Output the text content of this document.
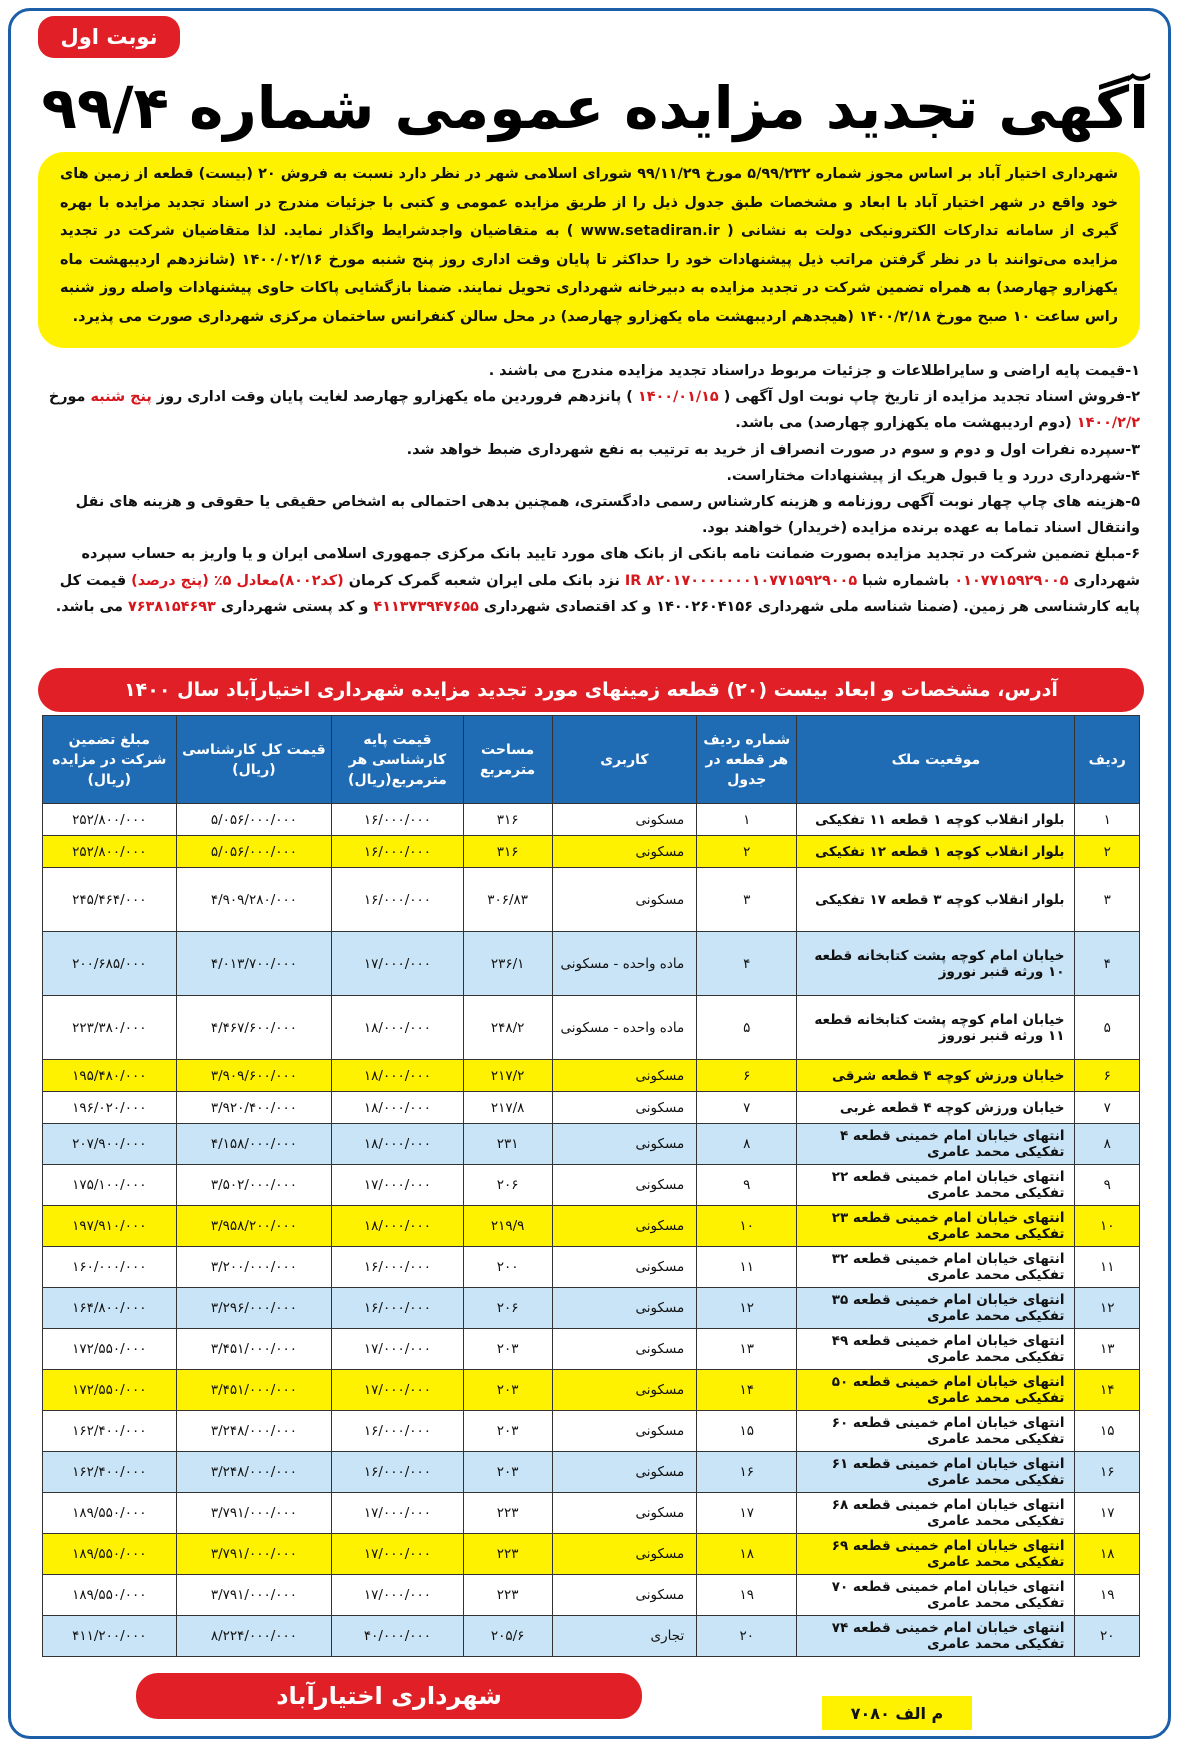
نوبت اول
آگهی تجدید مزایده عمومی شماره ۹۹/۴
شهرداری اختیار آباد بر اساس مجوز شماره ۵/۹۹/۲۳۲ مورخ ۹۹/۱۱/۲۹ شورای اسلامی شهر در نظر دارد نسبت به فروش ۲۰ (بیست) قطعه از زمین های خود واقع در شهر اختیار آباد با ابعاد و مشخصات طبق جدول ذیل را از طریق مزایده عمومی و کتبی با جزئیات مندرج در اسناد تجدید مزایده با بهره گیری از سامانه تدارکات الکترونیکی دولت به نشانی ( www.setadiran.ir ) به متقاضیان واجدشرایط واگذار نماید. لذا متقاضیان شرکت در تجدید مزایده می‌توانند با در نظر گرفتن مراتب ذیل پیشنهادات خود را حداکثر تا پایان وقت اداری روز پنج شنبه مورخ ۱۴۰۰/۰۲/۱۶ (شانزدهم اردیبهشت ماه یکهزارو چهارصد) به همراه تضمین شرکت در تجدید مزایده به دبیرخانه شهرداری تحویل نمایند. ضمنا بازگشایی پاکات حاوی پیشنهادات واصله روز شنبه راس ساعت ۱۰ صبح مورخ ۱۴۰۰/۲/۱۸ (هیجدهم اردیبهشت ماه یکهزارو چهارصد) در محل سالن کنفرانس ساختمان مرکزی شهرداری صورت می پذیرد.

۱-قیمت پایه اراضی و سایراطلاعات و جزئیات مربوط دراسناد تجدید مزایده مندرج می باشند .

۲-فروش اسناد تجدید مزایده از تاریخ چاپ نوبت اول آگهی ( ۱۴۰۰/۰۱/۱۵ ) پانزدهم فروردین ماه یکهزارو چهارصد لغایت پایان وقت اداری روز پنج شنبه مورخ ۱۴۰۰/۲/۲ (دوم اردیبهشت ماه یکهزارو چهارصد) می باشد.

۳-سپرده نفرات اول و دوم و سوم در صورت انصراف از خرید به ترتیب به نفع شهرداری ضبط خواهد شد.

۴-شهرداری دررد و یا قبول هریک از پیشنهادات مختاراست.

۵-هزینه های چاپ چهار نوبت آگهی روزنامه و هزینه کارشناس رسمی دادگستری، همچنین بدهی احتمالی به اشخاص حقیقی یا حقوقی و هزینه های نقل وانتقال اسناد تماما به عهده برنده مزایده (خریدار) خواهند بود.

۶-مبلغ تضمین شرکت در تجدید مزایده بصورت ضمانت نامه بانکی از بانک های مورد تایید بانک مرکزی جمهوری اسلامی ایران و یا واریز به حساب سپرده شهرداری ۰۱۰۷۷۱۵۹۲۹۰۰۵ باشماره شبا IR ۸۲۰۱۷۰۰۰۰۰۰۰۱۰۷۷۱۵۹۲۹۰۰۵ نزد بانک ملی ایران شعبه گمرک کرمان (کد۸۰۰۲)معادل ۵٪ (پنج درصد) قیمت کل پایه کارشناسی هر زمین. (ضمنا شناسه ملی شهرداری ۱۴۰۰۲۶۰۴۱۵۶ و کد اقتصادی شهرداری ۴۱۱۳۷۳۹۴۷۶۵۵ و کد پستی شهرداری ۷۶۳۸۱۵۴۶۹۳ می باشد.

آدرس، مشخصات و ابعاد بیست (۲۰) قطعه زمینهای مورد تجدید مزایده شهرداری اختیارآباد سال ۱۴۰۰
ردیف	موقعیت ملک	شماره ردیف هر قطعه در جدول	کاربری	مساحت مترمربع	قیمت پایه کارشناسی هر مترمربع(ریال)	قیمت کل کارشناسی (ریال)	مبلغ تضمین شرکت در مزایده (ریال)
۱	بلوار انقلاب کوچه ۱ قطعه ۱۱ تفکیکی	۱	مسکونی	۳۱۶	۱۶/۰۰۰/۰۰۰	۵/۰۵۶/۰۰۰/۰۰۰	۲۵۲/۸۰۰/۰۰۰
۲	بلوار انقلاب کوچه ۱ قطعه ۱۲ تفکیکی	۲	مسکونی	۳۱۶	۱۶/۰۰۰/۰۰۰	۵/۰۵۶/۰۰۰/۰۰۰	۲۵۲/۸۰۰/۰۰۰
۳	بلوار انقلاب کوچه ۳ قطعه ۱۷ تفکیکی	۳	مسکونی	۳۰۶/۸۳	۱۶/۰۰۰/۰۰۰	۴/۹۰۹/۲۸۰/۰۰۰	۲۴۵/۴۶۴/۰۰۰
۴	خیابان امام کوچه پشت کتابخانه قطعه ۱۰ ورثه قنبر نوروز	۴	ماده واحده - مسکونی	۲۳۶/۱	۱۷/۰۰۰/۰۰۰	۴/۰۱۳/۷۰۰/۰۰۰	۲۰۰/۶۸۵/۰۰۰
۵	خیابان امام کوچه پشت کتابخانه قطعه ۱۱ ورثه قنبر نوروز	۵	ماده واحده - مسکونی	۲۴۸/۲	۱۸/۰۰۰/۰۰۰	۴/۴۶۷/۶۰۰/۰۰۰	۲۲۳/۳۸۰/۰۰۰
۶	خیابان ورزش کوچه ۴ قطعه شرقی	۶	مسکونی	۲۱۷/۲	۱۸/۰۰۰/۰۰۰	۳/۹۰۹/۶۰۰/۰۰۰	۱۹۵/۴۸۰/۰۰۰
۷	خیابان ورزش کوچه ۴ قطعه غربی	۷	مسکونی	۲۱۷/۸	۱۸/۰۰۰/۰۰۰	۳/۹۲۰/۴۰۰/۰۰۰	۱۹۶/۰۲۰/۰۰۰
۸	انتهای خیابان امام خمینی قطعه ۴ تفکیکی محمد عامری	۸	مسکونی	۲۳۱	۱۸/۰۰۰/۰۰۰	۴/۱۵۸/۰۰۰/۰۰۰	۲۰۷/۹۰۰/۰۰۰
۹	انتهای خیابان امام خمینی قطعه ۲۲ تفکیکی محمد عامری	۹	مسکونی	۲۰۶	۱۷/۰۰۰/۰۰۰	۳/۵۰۲/۰۰۰/۰۰۰	۱۷۵/۱۰۰/۰۰۰
۱۰	انتهای خیابان امام خمینی قطعه ۲۳ تفکیکی محمد عامری	۱۰	مسکونی	۲۱۹/۹	۱۸/۰۰۰/۰۰۰	۳/۹۵۸/۲۰۰/۰۰۰	۱۹۷/۹۱۰/۰۰۰
۱۱	انتهای خیابان امام خمینی قطعه ۳۲ تفکیکی محمد عامری	۱۱	مسکونی	۲۰۰	۱۶/۰۰۰/۰۰۰	۳/۲۰۰/۰۰۰/۰۰۰	۱۶۰/۰۰۰/۰۰۰
۱۲	انتهای خیابان امام خمینی قطعه ۳۵ تفکیکی محمد عامری	۱۲	مسکونی	۲۰۶	۱۶/۰۰۰/۰۰۰	۳/۲۹۶/۰۰۰/۰۰۰	۱۶۴/۸۰۰/۰۰۰
۱۳	انتهای خیابان امام خمینی قطعه ۴۹ تفکیکی محمد عامری	۱۳	مسکونی	۲۰۳	۱۷/۰۰۰/۰۰۰	۳/۴۵۱/۰۰۰/۰۰۰	۱۷۲/۵۵۰/۰۰۰
۱۴	انتهای خیابان امام خمینی قطعه ۵۰ تفکیکی محمد عامری	۱۴	مسکونی	۲۰۳	۱۷/۰۰۰/۰۰۰	۳/۴۵۱/۰۰۰/۰۰۰	۱۷۲/۵۵۰/۰۰۰
۱۵	انتهای خیابان امام خمینی قطعه ۶۰ تفکیکی محمد عامری	۱۵	مسکونی	۲۰۳	۱۶/۰۰۰/۰۰۰	۳/۲۴۸/۰۰۰/۰۰۰	۱۶۲/۴۰۰/۰۰۰
۱۶	انتهای خیابان امام خمینی قطعه ۶۱ تفکیکی محمد عامری	۱۶	مسکونی	۲۰۳	۱۶/۰۰۰/۰۰۰	۳/۲۴۸/۰۰۰/۰۰۰	۱۶۲/۴۰۰/۰۰۰
۱۷	انتهای خیابان امام خمینی قطعه ۶۸ تفکیکی محمد عامری	۱۷	مسکونی	۲۲۳	۱۷/۰۰۰/۰۰۰	۳/۷۹۱/۰۰۰/۰۰۰	۱۸۹/۵۵۰/۰۰۰
۱۸	انتهای خیابان امام خمینی قطعه ۶۹ تفکیکی محمد عامری	۱۸	مسکونی	۲۲۳	۱۷/۰۰۰/۰۰۰	۳/۷۹۱/۰۰۰/۰۰۰	۱۸۹/۵۵۰/۰۰۰
۱۹	انتهای خیابان امام خمینی قطعه ۷۰ تفکیکی محمد عامری	۱۹	مسکونی	۲۲۳	۱۷/۰۰۰/۰۰۰	۳/۷۹۱/۰۰۰/۰۰۰	۱۸۹/۵۵۰/۰۰۰
۲۰	انتهای خیابان امام خمینی قطعه ۷۴ تفکیکی محمد عامری	۲۰	تجاری	۲۰۵/۶	۴۰/۰۰۰/۰۰۰	۸/۲۲۴/۰۰۰/۰۰۰	۴۱۱/۲۰۰/۰۰۰
شهرداری اختیارآباد
م الف ۷۰۸۰
